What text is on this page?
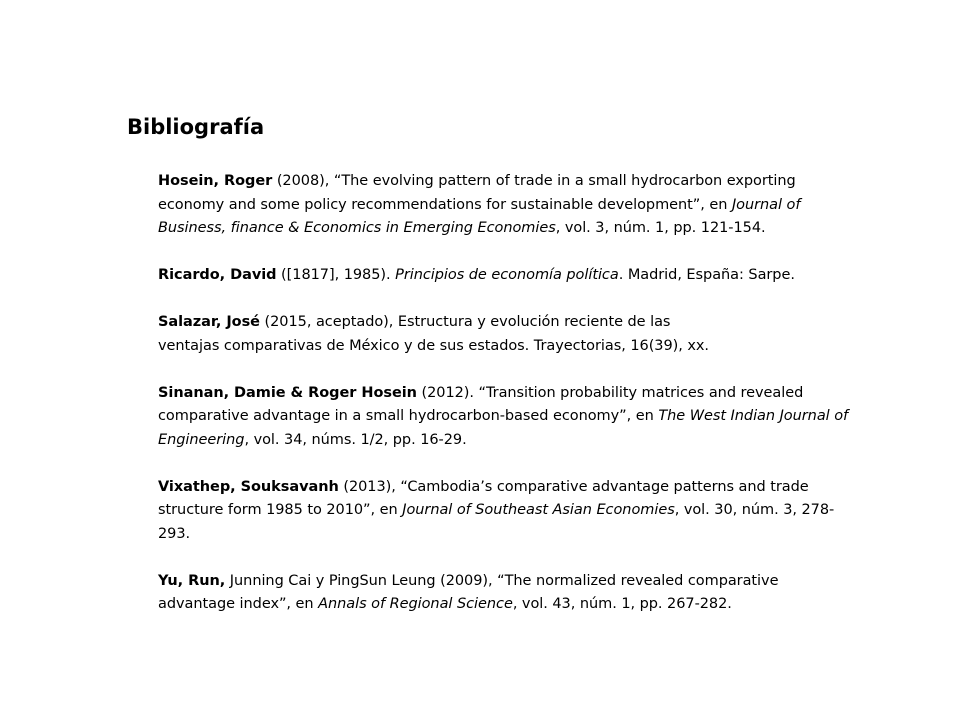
Bibliografía
Hosein, Roger (2008), “The evolving pattern of trade in a small hydrocarbon exporting economy and some policy recommendations for sustainable development”, en Journal of Business, finance & Economics in Emerging Economies, vol. 3, núm. 1, pp. 121-154.
Ricardo, David ([1817], 1985). Principios de economía política. Madrid, España: Sarpe.
Salazar, José (2015, aceptado), Estructura y evolución reciente de las
ventajas comparativas de México y de sus estados. Trayectorias, 16(39), xx.
Sinanan, Damie & Roger Hosein (2012). “Transition probability matrices and revealed comparative advantage in a small hydrocarbon-based economy”, en The West Indian Journal of Engineering, vol. 34, núms. 1/2, pp. 16-29.
Vixathep, Souksavanh (2013), “Cambodia’s comparative advantage patterns and trade structure form 1985 to 2010”, en Journal of Southeast Asian Economies, vol. 30, núm. 3, 278-293.
Yu, Run, Junning Cai y PingSun Leung (2009), “The normalized revealed comparative advantage index”, en Annals of Regional Science, vol. 43, núm. 1, pp. 267-282.
